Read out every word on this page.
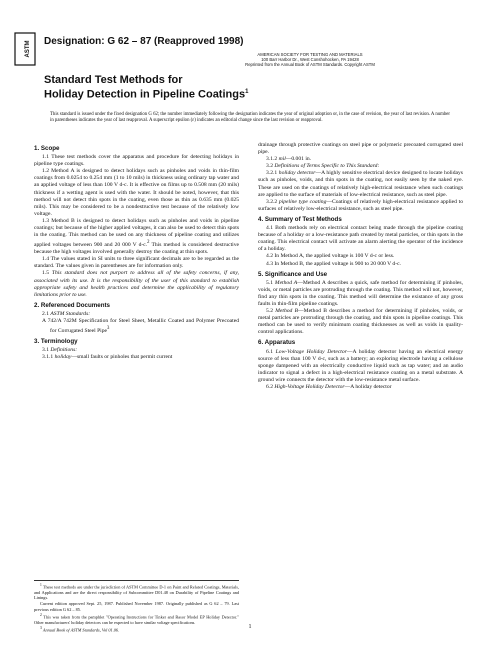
ASTM Designation: G 62 – 87 (Reapproved 1998)
AMERICAN SOCIETY FOR TESTING AND MATERIALS
100 Barr Harbor Dr., West Conshohocken, PA 19428
Reprinted from the Annual Book of ASTM Standards. Copyright ASTM
Standard Test Methods for
Holiday Detection in Pipeline Coatings$^1$
This standard is issued under the fixed designation G 62; the number immediately following the designation indicates the year of original adoption or, in the case of revision, the year of last revision. A number in parentheses indicates the year of last reapproval. A superscript epsilon (ε) indicates an editorial change since the last revision or reapproval.
1. Scope

1.1 These test methods cover the apparatus and procedure for detecting holidays in pipeline type coatings.

1.2 Method A is designed to detect holidays such as pinholes and voids in thin-film coatings from 0.0254 to 0.254 mm (1 to 10 mils) in thickness using ordinary tap water and an applied voltage of less than 100 V d-c. It is effective on films up to 0.508 mm (20 mils) thickness if a wetting agent is used with the water. It should be noted, however, that this method will not detect thin spots in the coating, even those as thin as 0.635 mm (0.025 mils). This may be considered to be a nondestructive test because of the relatively low voltage.

1.3 Method B is designed to detect holidays such as pinholes and voids in pipeline coatings; but because of the higher applied voltages, it can also be used to detect thin spots in the coating. This method can be used on any thickness of pipeline coating and utilizes applied voltages between 900 and 20 000 V d-c.$^2$ This method is considered destructive because the high voltages involved generally destroy the coating at thin spots.

1.4 The values stated in SI units to three significant decimals are to be regarded as the standard. The values given in parentheses are for information only.

1.5 This standard does not purport to address all of the safety concerns, if any, associated with its use. It is the responsibility of the user of this standard to establish appropriate safety and health practices and determine the applicability of regulatory limitations prior to use.

2. Referenced Documents

2.1 ASTM Standards:

A 742/A 742M Specification for Steel Sheet, Metallic Coated and Polymer Precoated for Corrugated Steel Pipe$^3$

3. Terminology

3.1 Definitions:

3.1.1 holiday—small faults or pinholes that permit current

$^1$ These test methods are under the jurisdiction of ASTM Committee D-1 on Paint and Related Coatings, Materials, and Applications and are the direct responsibility of Subcommittee D01.48 on Durability of Pipeline Coatings and Linings.

Current edition approved Sept. 25, 1987. Published November 1987. Originally published as G 62 – 79. Last previous edition G 62 – 85.

$^2$ This was taken from the pamphlet "Operating Instructions for Tinker and Rasor Model EP Holiday Detector." Other manufacturers' holiday detectors can be expected to have similar voltage specifications.

$^3$ Annual Book of ASTM Standards, Vol 01.06.

drainage through protective coatings on steel pipe or polymeric precoated corrugated steel pipe.

3.1.2 mil—0.001 in.

3.2 Definitions of Terms Specific to This Standard:

3.2.1 holiday detector—A highly sensitive electrical device designed to locate holidays such as pinholes, voids, and thin spots in the coating, not easily seen by the naked eye. These are used on the coatings of relatively high-electrical resistance when such coatings are applied to the surface of materials of low-electrical resistance, such as steel pipe.

3.2.2 pipeline type coating—Coatings of relatively high-electrical resistance applied to surfaces of relatively low-electrical resistance, such as steel pipe.

4. Summary of Test Methods

4.1 Both methods rely on electrical contact being made through the pipeline coating because of a holiday or a low-resistance path created by metal particles, or thin spots in the coating. This electrical contact will activate an alarm alerting the operator of the incidence of a holiday.

4.2 In Method A, the applied voltage is 100 V d-c or less.

4.3 In Method B, the applied voltage is 900 to 20 000 V d-c.

5. Significance and Use

5.1 Method A—Method A describes a quick, safe method for determining if pinholes, voids, or metal particles are protruding through the coating. This method will not, however, find any thin spots in the coating. This method will determine the existance of any gross faults in thin-film pipeline coatings.

5.2 Method B—Method B describes a method for determining if pinholes, voids, or metal particles are protruding through the coating, and thin spots in pipeline coatings. This method can be used to verify minimum coating thicknesses as well as voids in quality-control applications.

6. Apparatus

6.1 Low-Voltage Holiday Detector—A holiday detector having an electrical energy source of less than 100 V d-c, such as a battery; an exploring electrode having a cellulose sponge dampened with an electrically conductive liquid such as tap water; and an audio indicator to signal a defect in a high-electrical resistance coating on a metal substrate. A ground wire connects the detector with the low-resistance metal surface.

6.2 High-Voltage Holiday Detector—A holiday detector

1
